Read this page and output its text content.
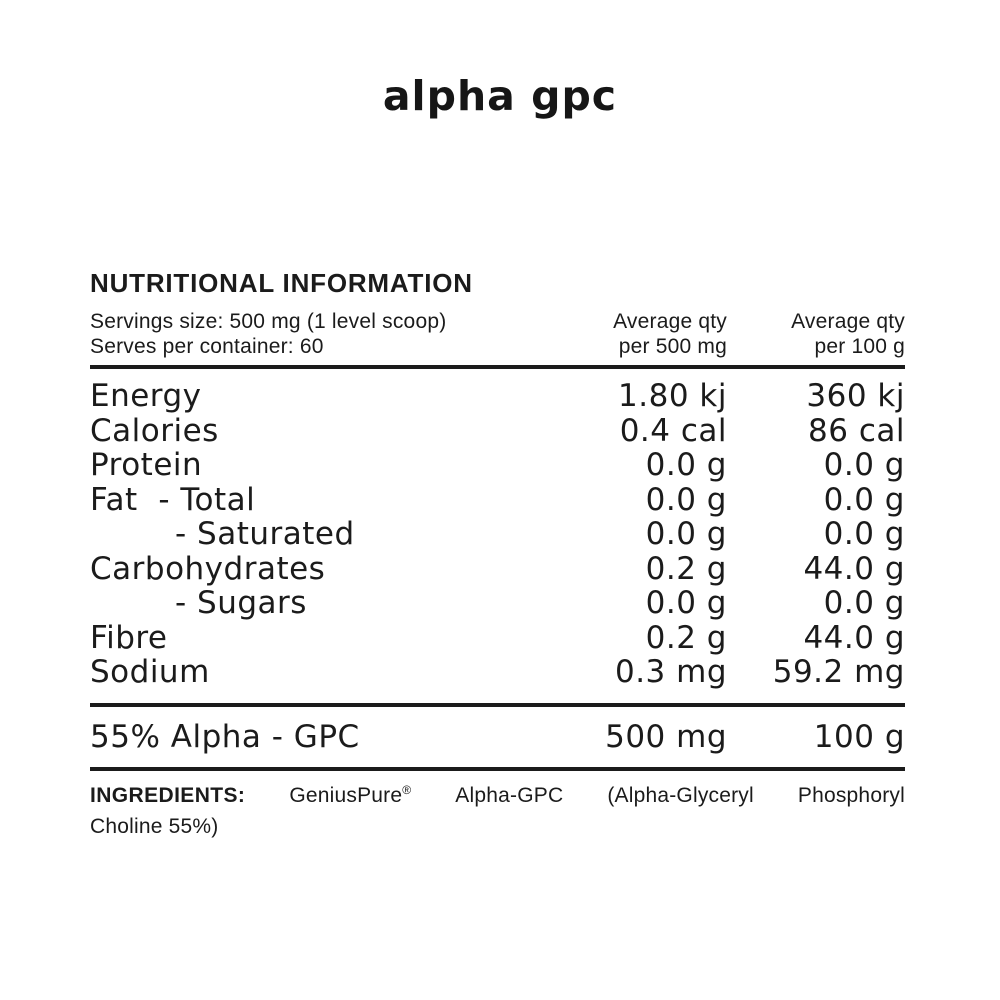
alpha gpc
NUTRITIONAL INFORMATION
Servings size: 500 mg (1 level scoop)
Serves per container: 60
Average qty
per 500 mg
Average qty
per 100 g
Energy	1.80 kj	360 kj
Calories	0.4 cal	86 cal
Protein	0.0 g	0.0 g
Fat  - Total	0.0 g	0.0 g
- Saturated	0.0 g	0.0 g
Carbohydrates	0.2 g	44.0 g
- Sugars	0.0 g	0.0 g
Fibre	0.2 g	44.0 g
Sodium	0.3 mg	59.2 mg
55% Alpha - GPC	500 mg	100 g

INGREDIENTS: GeniusPure® Alpha-GPC (Alpha-Glyceryl Phosphoryl
Choline 55%)
